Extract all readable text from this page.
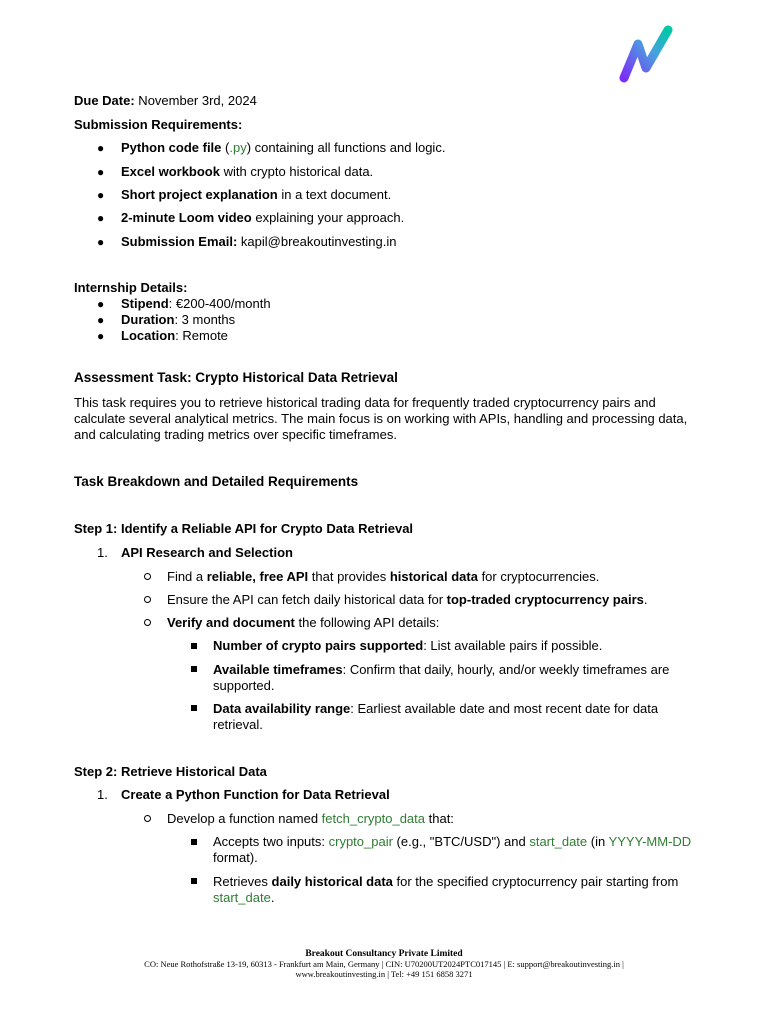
Due Date: November 3rd, 2024
Submission Requirements:
● Python code file (.py) containing all functions and logic.
● Excel workbook with crypto historical data.
● Short project explanation in a text document.
● 2-minute Loom video explaining your approach.
● Submission Email: kapil@breakoutinvesting.in
Internship Details:
● Stipend: €200-400/month
● Duration: 3 months
● Location: Remote
Assessment Task: Crypto Historical Data Retrieval
This task requires you to retrieve historical trading data for frequently traded cryptocurrency pairs and
calculate several analytical metrics. The main focus is on working with APIs, handling and processing data,
and calculating trading metrics over specific timeframes.
Task Breakdown and Detailed Requirements
Step 1: Identify a Reliable API for Crypto Data Retrieval
1. API Research and Selection
Find a reliable, free API that provides historical data for cryptocurrencies.
Ensure the API can fetch daily historical data for top-traded cryptocurrency pairs.
Verify and document the following API details:
Number of crypto pairs supported: List available pairs if possible.
Available timeframes: Confirm that daily, hourly, and/or weekly timeframes are
supported.
Data availability range: Earliest available date and most recent date for data
retrieval.
Step 2: Retrieve Historical Data
1. Create a Python Function for Data Retrieval
Develop a function named fetch_crypto_data that:
Accepts two inputs: crypto_pair (e.g., "BTC/USD") and start_date (in YYYY-MM-DD
format).
Retrieves daily historical data for the specified cryptocurrency pair starting from
start_date.
Breakout Consultancy Private Limited
CO: Neue Rothofstraße 13-19, 60313 - Frankfurt am Main, Germany | CIN: U70200UT2024PTC017145 | E: support@breakoutinvesting.in |
www.breakoutinvesting.in | Tel: +49 151 6858 3271
